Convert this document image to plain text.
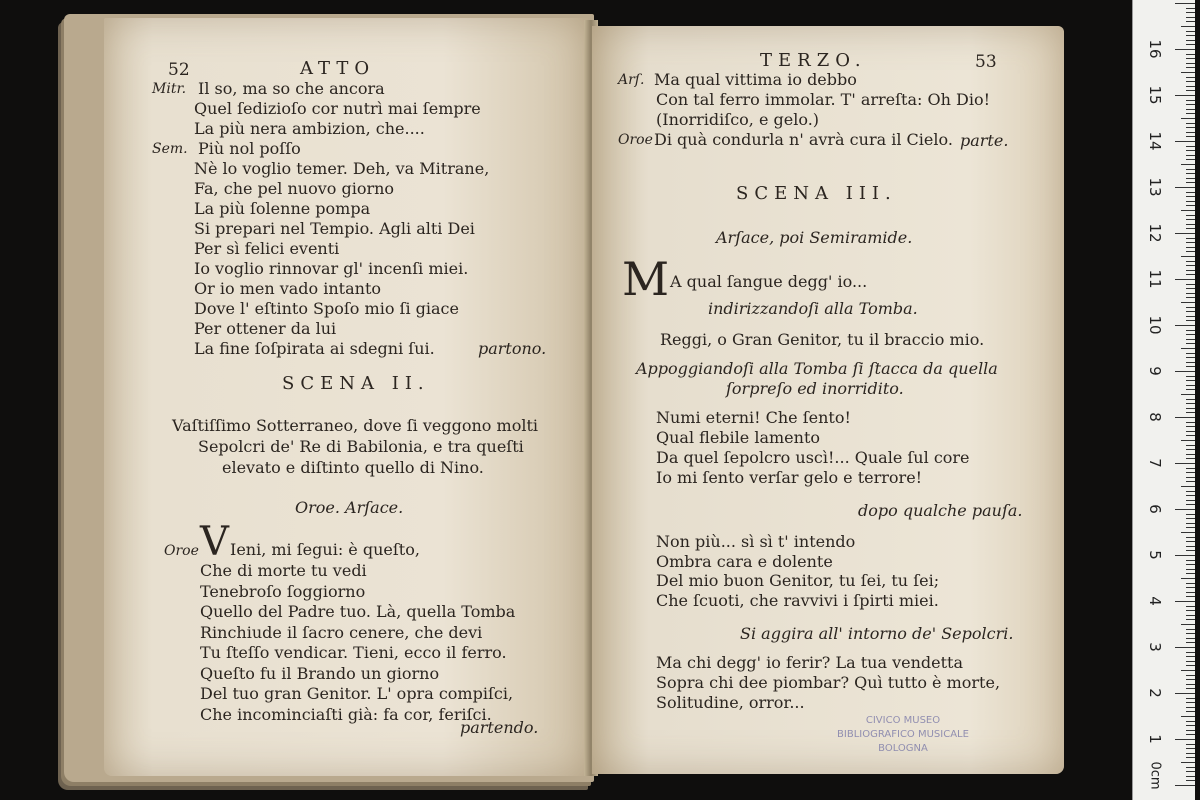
52	ATTO
Mitr. Il so, ma so che ancora
Quel ſedizioſo cor nutrì mai ſempre
La più nera ambizion, che....
Sem. Più nol poſſo
Nè lo voglio temer. Deh, va Mitrane,
Fa, che pel nuovo giorno
La più ſolenne pompa
Si prepari nel Tempio. Agli alti Dei
Per sì felici eventi
Io voglio rinnovar gl' incenſi miei.
Or io men vado intanto
Dove l' eſtinto Spoſo mio ſi giace
Per ottener da lui
La fine ſoſpirata ai sdegni ſui.	partono.
SCENA II.
Vaſtiſſimo Sotterraneo, dove ſi veggono molti
Sepolcri de' Re di Babilonia, e tra queſti
elevato e diſtinto quello di Nino.
Oroe. Arſace.
Oroe V Ieni, mi ſegui: è queſto,
Che di morte tu vedi
Tenebroſo ſoggiorno
Quello del Padre tuo. Là, quella Tomba
Rinchiude il ſacro cenere, che devi
Tu ſteſſo vendicar. Tieni, ecco il ferro.
Queſto fu il Brando un giorno
Del tuo gran Genitor. L' opra compiſci,
Che incominciaſti già: fa cor, feriſci.
partendo.
TERZO.	53
Arſ. Ma qual vittima io debbo
Con tal ferro immolar. T' arreſta: Oh Dio!
(Inorridiſco, e gelo.)
Oroe Di quà condurla n' avrà cura il Cielo. parte.
SCENA III.
Arſace, poi Semiramide.
M A qual ſangue degg' io...
indirizzandoſi alla Tomba.
Reggi, o Gran Genitor, tu il braccio mio.
Appoggiandoſi alla Tomba ſi ſtacca da quella
ſorpreſo ed inorridito.
Numi eterni! Che ſento!
Qual flebile lamento
Da quel ſepolcro uscì!... Quale ſul core
Io mi ſento verſar gelo e terrore!
dopo qualche pauſa.
Non più... sì sì t' intendo
Ombra cara e dolente
Del mio buon Genitor, tu ſei, tu ſei;
Che ſcuoti, che ravvivi i ſpirti miei.
Si aggira all' intorno de' Sepolcri.
Ma chi degg' io ferir? La tua vendetta
Sopra chi dee piombar? Quì tutto è morte,
Solitudine, orror...
CIVICO MUSEO
BIBLIOGRAFICO MUSICALE
BOLOGNA
0cm
1
2
3
4
5
6
7
8
9
10
11
12
13
14
15
16
